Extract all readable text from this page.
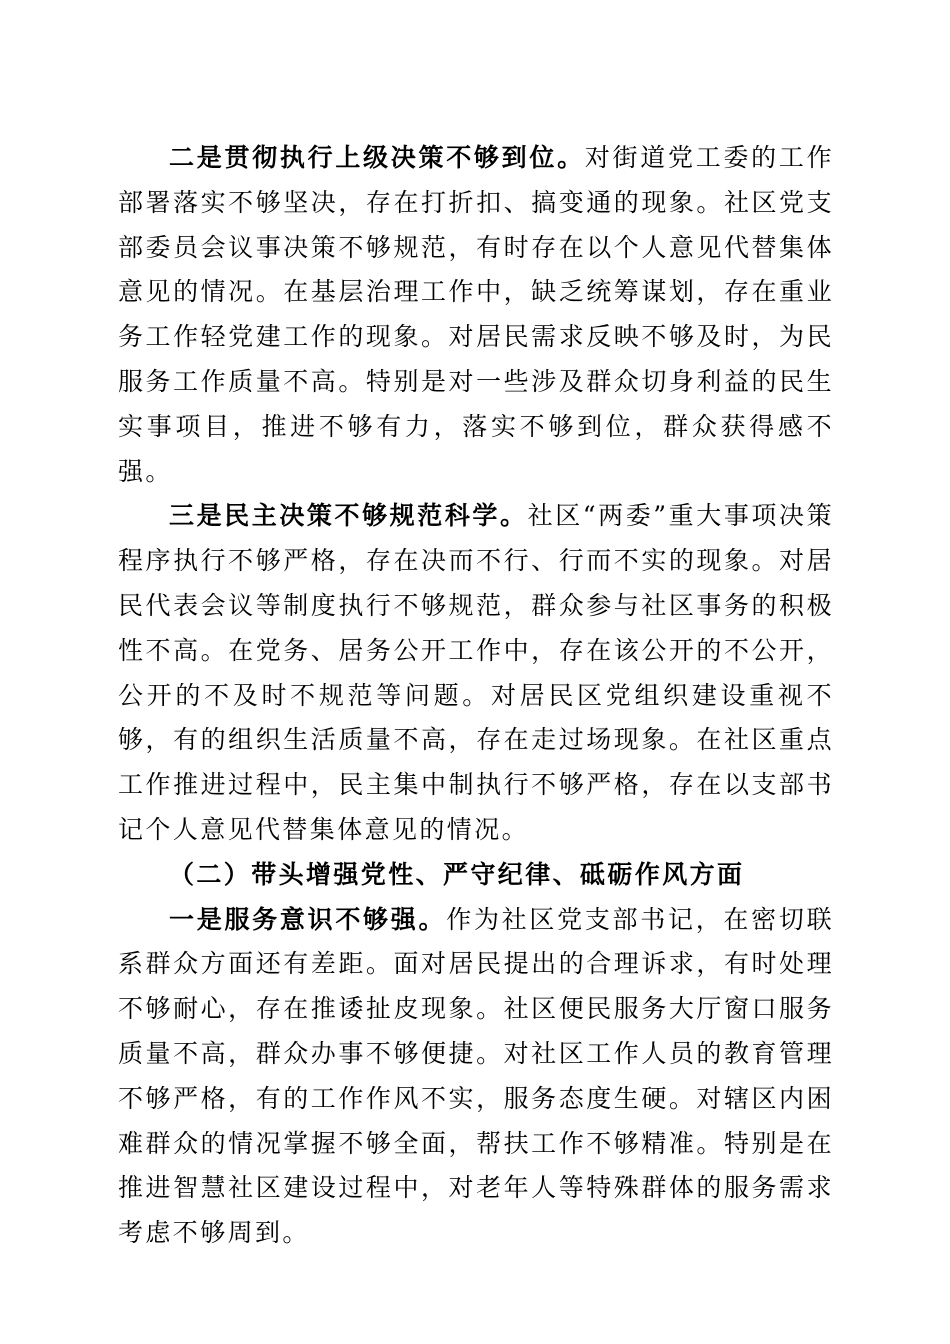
二是贯彻执行上级决策不够到位。对街道党工委的工作部署落实不够坚决，存在打折扣、搞变通的现象。社区党支部委员会议事决策不够规范，有时存在以个人意见代替集体意见的情况。在基层治理工作中，缺乏统筹谋划，存在重业务工作轻党建工作的现象。对居民需求反映不够及时，为民服务工作质量不高。特别是对一些涉及群众切身利益的民生实事项目，推进不够有力，落实不够到位，群众获得感不强。

三是民主决策不够规范科学。社区“两委”重大事项决策程序执行不够严格，存在决而不行、行而不实的现象。对居民代表会议等制度执行不够规范，群众参与社区事务的积极性不高。在党务、居务公开工作中，存在该公开的不公开，公开的不及时不规范等问题。对居民区党组织建设重视不够，有的组织生活质量不高，存在走过场现象。在社区重点工作推进过程中，民主集中制执行不够严格，存在以支部书记个人意见代替集体意见的情况。

（二）带头增强党性、严守纪律、砥砺作风方面

一是服务意识不够强。作为社区党支部书记，在密切联系群众方面还有差距。面对居民提出的合理诉求，有时处理不够耐心，存在推诿扯皮现象。社区便民服务大厅窗口服务质量不高，群众办事不够便捷。对社区工作人员的教育管理不够严格，有的工作作风不实，服务态度生硬。对辖区内困难群众的情况掌握不够全面，帮扶工作不够精准。特别是在推进智慧社区建设过程中，对老年人等特殊群体的服务需求考虑不够周到。
